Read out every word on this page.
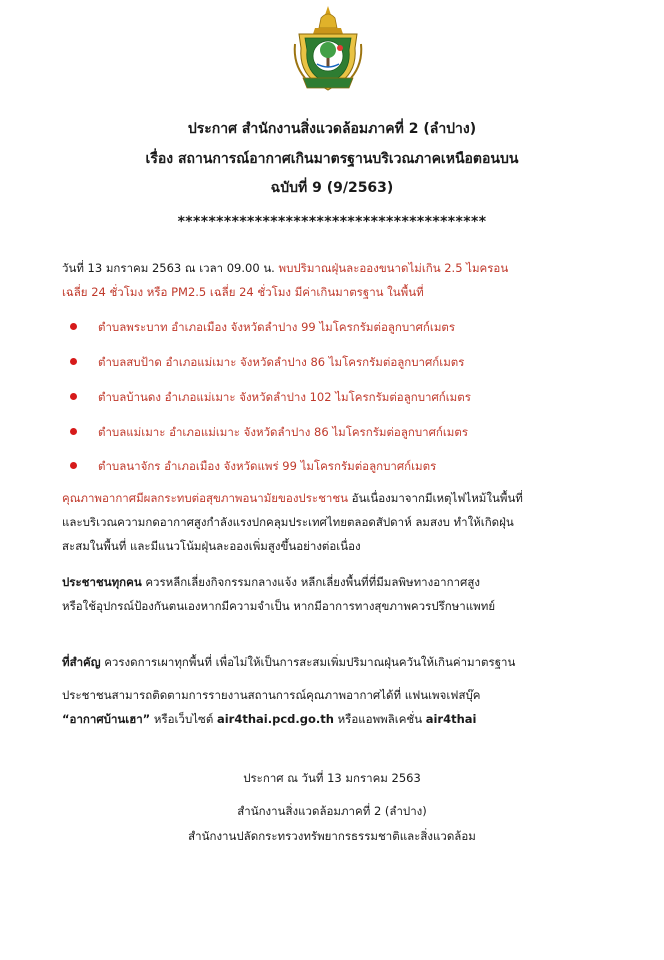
ประกาศ สำนักงานสิ่งแวดล้อมภาคที่ 2 (ลำปาง)
เรื่อง สถานการณ์อากาศเกินมาตรฐานบริเวณภาคเหนือตอนบน
ฉบับที่ 9 (9/2563)
****************************************
วันที่ 13 มกราคม 2563 ณ เวลา 09.00 น. พบปริมาณฝุ่นละอองขนาดไม่เกิน 2.5 ไมครอน
เฉลี่ย 24 ชั่วโมง หรือ PM2.5 เฉลี่ย 24 ชั่วโมง มีค่าเกินมาตรฐาน ในพื้นที่
ตำบลพระบาท อำเภอเมือง จังหวัดลำปาง 99 ไมโครกรัมต่อลูกบาศก์เมตร
ตำบลสบป้าด อำเภอแม่เมาะ จังหวัดลำปาง 86 ไมโครกรัมต่อลูกบาศก์เมตร
ตำบลบ้านดง อำเภอแม่เมาะ จังหวัดลำปาง 102 ไมโครกรัมต่อลูกบาศก์เมตร
ตำบลแม่เมาะ อำเภอแม่เมาะ จังหวัดลำปาง 86 ไมโครกรัมต่อลูกบาศก์เมตร
ตำบลนาจักร อำเภอเมือง จังหวัดแพร่ 99 ไมโครกรัมต่อลูกบาศก์เมตร
คุณภาพอากาศมีผลกระทบต่อสุขภาพอนามัยของประชาชน อันเนื่องมาจากมีเหตุไฟไหม้ในพื้นที่
และบริเวณความกดอากาศสูงกำลังแรงปกคลุมประเทศไทยตลอดสัปดาห์ ลมสงบ ทำให้เกิดฝุ่น
สะสมในพื้นที่ และมีแนวโน้มฝุ่นละอองเพิ่มสูงขึ้นอย่างต่อเนื่อง
ประชาชนทุกคน ควรหลีกเลี่ยงกิจกรรมกลางแจ้ง หลีกเลี่ยงพื้นที่ที่มีมลพิษทางอากาศสูง
หรือใช้อุปกรณ์ป้องกันตนเองหากมีความจำเป็น หากมีอาการทางสุขภาพควรปรึกษาแพทย์
ที่สำคัญ ควรงดการเผาทุกพื้นที่ เพื่อไม่ให้เป็นการสะสมเพิ่มปริมาณฝุ่นควันให้เกินค่ามาตรฐาน
ประชาชนสามารถติดตามการรายงานสถานการณ์คุณภาพอากาศได้ที่ แฟนเพจเฟสบุ๊ค
“อากาศบ้านเฮา” หรือเว็บไซต์ air4thai.pcd.go.th หรือแอพพลิเคชั่น air4thai
ประกาศ ณ วันที่ 13 มกราคม 2563
สำนักงานสิ่งแวดล้อมภาคที่ 2 (ลำปาง)
สำนักงานปลัดกระทรวงทรัพยากรธรรมชาติและสิ่งแวดล้อม
